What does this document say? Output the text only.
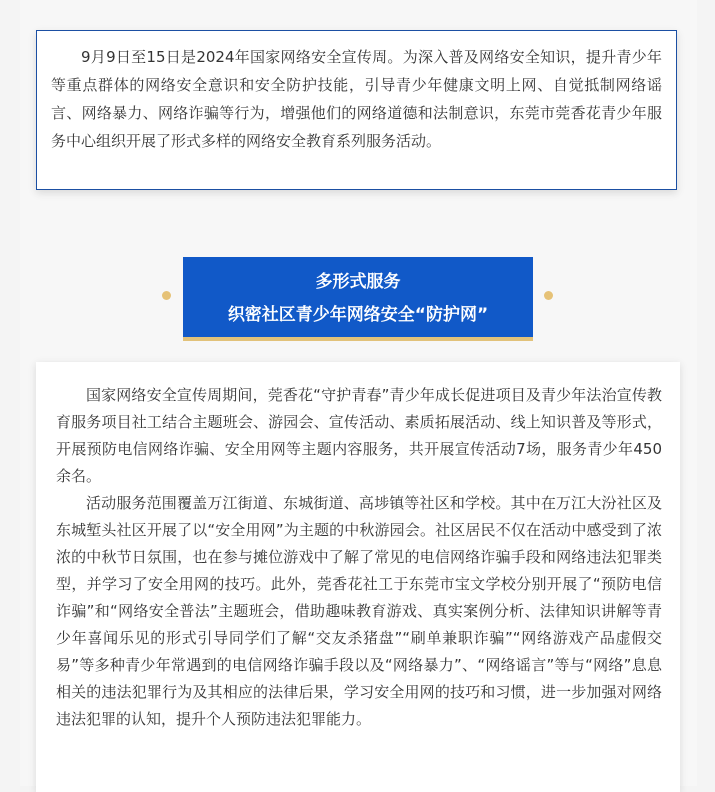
9月9日至15日是2024年国家网络安全宣传周。为深入普及网络安全知识，提升青少年等重点群体的网络安全意识和安全防护技能，引导青少年健康文明上网、自觉抵制网络谣言、网络暴力、网络诈骗等行为，增强他们的网络道德和法制意识，东莞市莞香花青少年服务中心组织开展了形式多样的网络安全教育系列服务活动。

多形式服务
织密社区青少年网络安全“防护网”

国家网络安全宣传周期间，莞香花“守护青春”青少年成长促进项目及青少年法治宣传教育服务项目社工结合主题班会、游园会、宣传活动、素质拓展活动、线上知识普及等形式，开展预防电信网络诈骗、安全用网等主题内容服务，共开展宣传活动7场，服务青少年450余名。

活动服务范围覆盖万江街道、东城街道、高埗镇等社区和学校。其中在万江大汾社区及东城堑头社区开展了以“安全用网”为主题的中秋游园会。社区居民不仅在活动中感受到了浓浓的中秋节日氛围，也在参与摊位游戏中了解了常见的电信网络诈骗手段和网络违法犯罪类型，并学习了安全用网的技巧。此外，莞香花社工于东莞市宝文学校分别开展了“预防电信诈骗”和“网络安全普法”主题班会，借助趣味教育游戏、真实案例分析、法律知识讲解等青少年喜闻乐见的形式引导同学们了解“交友杀猪盘”“刷单兼职诈骗”“网络游戏产品虚假交易”等多种青少年常遇到的电信网络诈骗手段以及“网络暴力”、“网络谣言”等与“网络”息息相关的违法犯罪行为及其相应的法律后果，学习安全用网的技巧和习惯，进一步加强对网络违法犯罪的认知，提升个人预防违法犯罪能力。
